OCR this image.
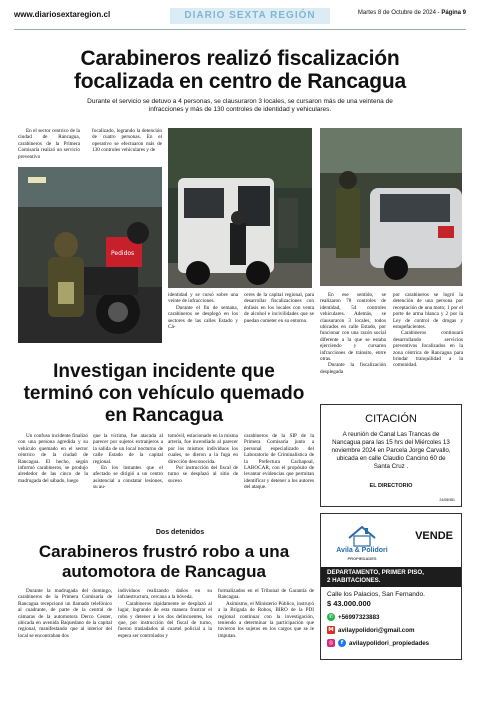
www.diariosextaregion.cl	DIARIO SEXTA REGIÓN	Martes 8 de Octubre de 2024 - Página 9
Carabineros realizó fiscalización
focalizada en centro de Rancagua
Durante el servicio se detuvo a 4 personas, se clausuraron 3 locales, se cursaron más de una veintena de infracciones y más de 130 controles de identidad y vehiculares.

En el sector centrico de la ciudad de Rancagua, carabineros de la Primera Comisaría realizó un servicio preventivo

focalizado, logrando la detención de cuatro personas. En el operativo se efectuaron más de 130 controles vehiculares y de

Pedidos

identidad y se cursó sobre una veinte de infracciones.

Durante el fin de semana, carabineros se desplegó en los sectores de las calles Estado y Cá-

ceres de la capital regional, para desarrollar fiscalizaciones con énfasis en los locales con venta de alcohol e incivilidades que se puedan cometer en su entorno.

En ese sentido, se realizaron 78 controles de identidad, 54 controles vehiculares. Además, se clausuraron 3 locales, todos ubicados en calle Estado, por funcionar con una razón social diferente a la que se estaba ejerciendo y cursaron infracciones de tránsito, entre otras.

Durante la fiscalización desplegada

por carabineros se logró la detención de una persona por receptación de una moto; 1 por el porte de arma blanca y 2 por la Ley de control de drogas y estupefacientes.

Carabineros continuará desarrollando servicios preventivos focalizados en la zona céntrica de Rancagua para brindar tranquilidad a la comunidad.

Investigan incidente que
terminó con vehículo quemado
en Rancagua

Un confuso incidente finalizó con una persona agredida y su vehículo quemado en el sector céntrico de la ciudad de Rancagua. El hecho, según informó carabineros, se produjo alrededor de las cinco de la madrugada del sábado, luego

que la víctima, fue atacada al parecer por sujetos extranjeros a la salida de un local nocturno de calle Estado de la capital regional.

En los instantes que el afectado se dirigió a un centro asistencial a constatar lesiones, su au-

tomóvil, estacionado en la misma arteria, fue incendiado al parecer por los mismos individuos los cuales, se dieron a la fuga en dirección desconocida.

Por instrucción del fiscal de turno se desplazó al sitio de suceso

carabineros de la SIP de la Primera Comisaría junto a personal especializado del Laboratorio de Criminalística de la Prefectura Cachapoal, LABOCAR, con el propósito de levantar evidencias que permitan identificar y detener a los autores del ataque.

CITACIÓN
A reunión de Canal Las Trancas de Nancagua para las 15 hrs del Miércoles 13 noviembre 2024 en Parcela Jorge Carvallo, ubicada en calle Claudio Cancino 60 de Santa Cruz .
EL DIRECTORIO
24/08/981
Dos detenidos
Carabineros frustró robo a una
automotora de Rancagua

Durante la madrugada del domingo, carabineros de la Primera Comisaría de Rancagua recepcionó un llamado telefónico al cuadrante, de parte de la central de cámaras de la automotora Derco Center, ubicada en avenida Baquedano de la capital regional, manifestando que al interior del local se encontraban dos

individuos realizando daños en su infraestructura, cercana a la bóveda.

Carabineros rápidamente se desplazó al lugar, logrando de esta manera frustrar el robo y detener a los dos delincuentes, los que, por instrucción del fiscal de turno, fueron trasladados al cuartel policial a la espera ser controlados y

formalizados en el Tribunal de Garantía de Rancagua.

Asimismo, el Ministerio Público, instruyó a la Brigada de Robos, BIRO de la PDI regional continuar con la investigación, teniendo a determinar la participación que tuvieron los sujetos en los cargos que se le imputan.

Avila & Polidori
PROPIEDADES
VENDE
DEPARTAMENTO, PRIMER PISO,
2 HABITACIONES.
Calle los Palacios, San Fernando.
$ 43.000.000
✆ +56997323883
M avilaypolidori@gmail.com
◎	f avilaypolidori_propiedades
